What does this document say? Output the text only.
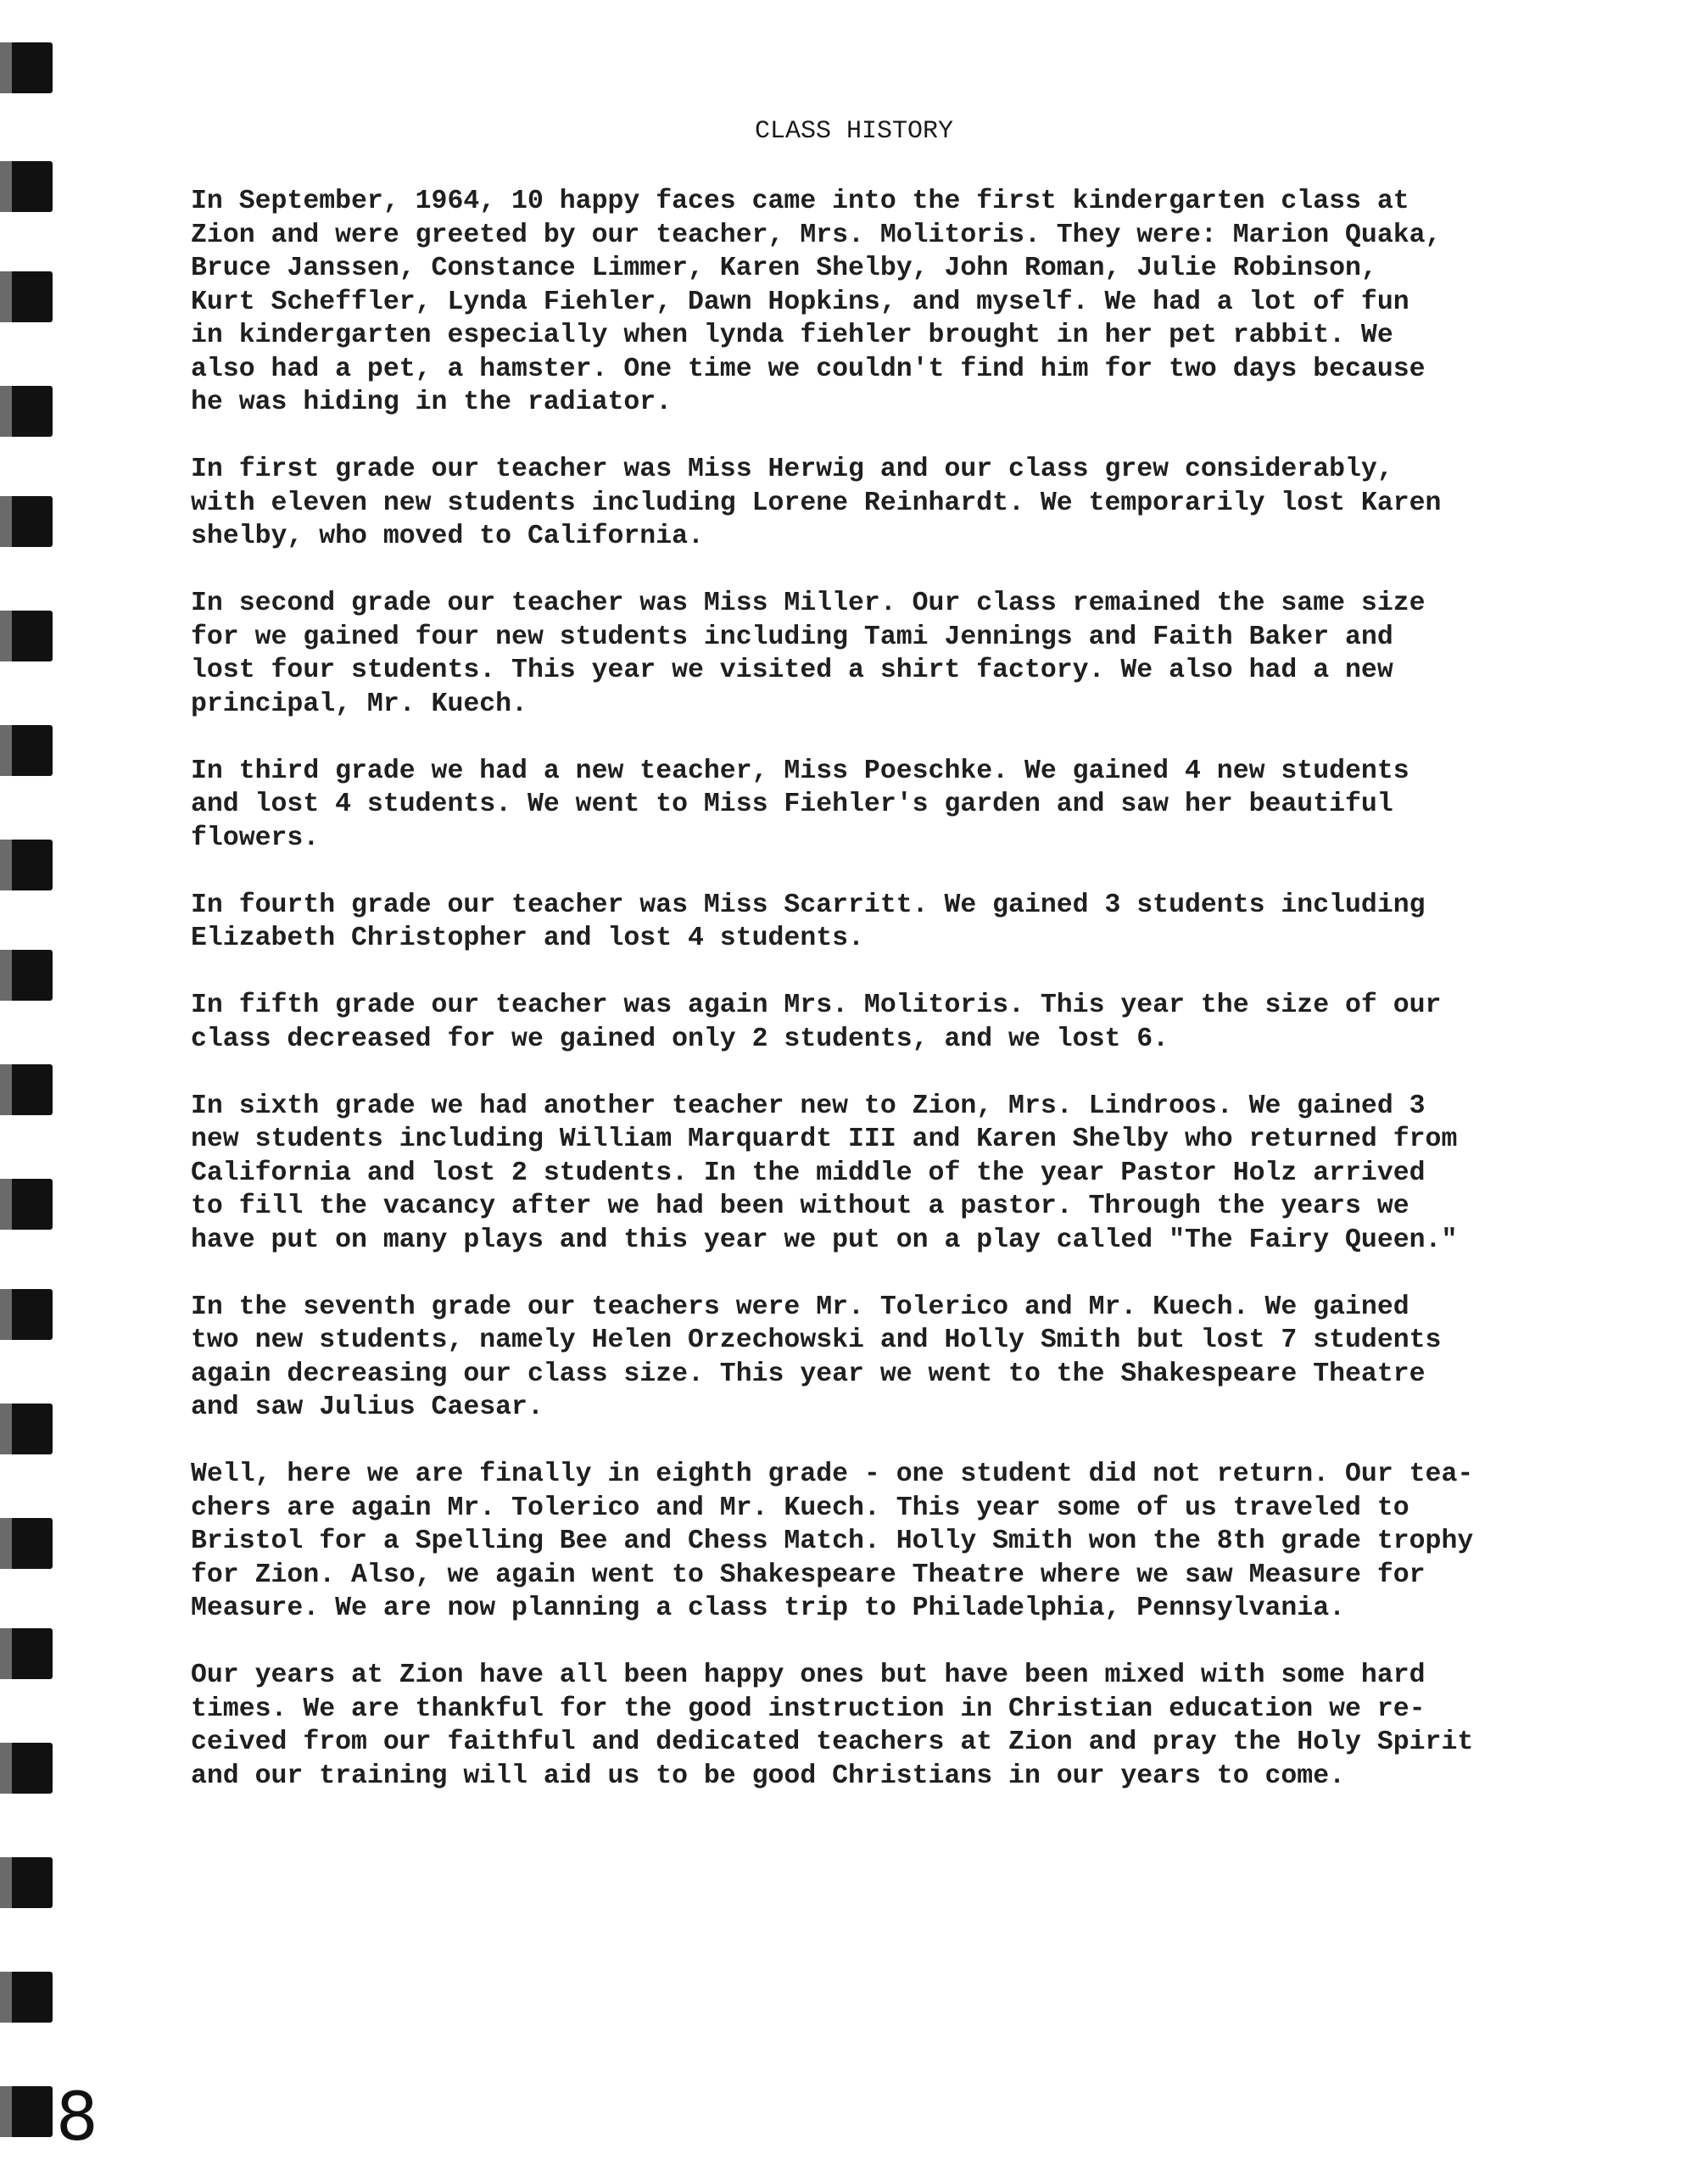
CLASS HISTORY
In September, 1964, 10 happy faces came into the first kindergarten class at
Zion and were greeted by our teacher, Mrs. Molitoris. They were: Marion Quaka,
Bruce Janssen, Constance Limmer, Karen Shelby, John Roman, Julie Robinson,
Kurt Scheffler, Lynda Fiehler, Dawn Hopkins, and myself. We had a lot of fun
in kindergarten especially when lynda fiehler brought in her pet rabbit. We
also had a pet, a hamster. One time we couldn't find him for two days because
he was hiding in the radiator.
In first grade our teacher was Miss Herwig and our class grew considerably,
with eleven new students including Lorene Reinhardt. We temporarily lost Karen
shelby, who moved to California.
In second grade our teacher was Miss Miller. Our class remained the same size
for we gained four new students including Tami Jennings and Faith Baker and
lost four students. This year we visited a shirt factory. We also had a new
principal, Mr. Kuech.
In third grade we had a new teacher, Miss Poeschke. We gained 4 new students
and lost 4 students. We went to Miss Fiehler's garden and saw her beautiful
flowers.
In fourth grade our teacher was Miss Scarritt. We gained 3 students including
Elizabeth Christopher and lost 4 students.
In fifth grade our teacher was again Mrs. Molitoris. This year the size of our
class decreased for we gained only 2 students, and we lost 6.
In sixth grade we had another teacher new to Zion, Mrs. Lindroos. We gained 3
new students including William Marquardt III and Karen Shelby who returned from
California and lost 2 students. In the middle of the year Pastor Holz arrived
to fill the vacancy after we had been without a pastor. Through the years we
have put on many plays and this year we put on a play called "The Fairy Queen."
In the seventh grade our teachers were Mr. Tolerico and Mr. Kuech. We gained
two new students, namely Helen Orzechowski and Holly Smith but lost 7 students
again decreasing our class size. This year we went to the Shakespeare Theatre
and saw Julius Caesar.
Well, here we are finally in eighth grade - one student did not return. Our tea-
chers are again Mr. Tolerico and Mr. Kuech. This year some of us traveled to
Bristol for a Spelling Bee and Chess Match. Holly Smith won the 8th grade trophy
for Zion. Also, we again went to Shakespeare Theatre where we saw Measure for
Measure. We are now planning a class trip to Philadelphia, Pennsylvania.
Our years at Zion have all been happy ones but have been mixed with some hard
times. We are thankful for the good instruction in Christian education we re-
ceived from our faithful and dedicated teachers at Zion and pray the Holy Spirit
and our training will aid us to be good Christians in our years to come.
8
